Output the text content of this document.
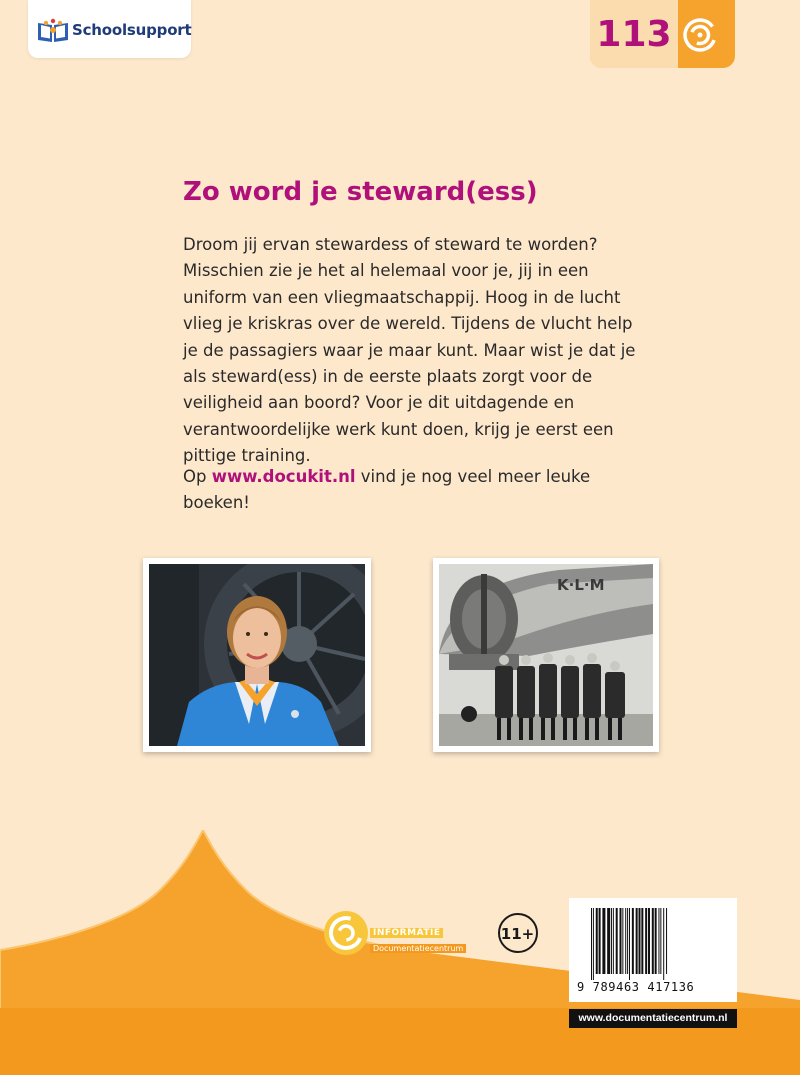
Schoolsupport	113
Zo word je steward(ess)

Droom jij ervan stewardess of steward te worden? Misschien zie je het al helemaal voor je, jij in een uniform van een vliegmaatschappij. Hoog in de lucht vlieg je kriskras over de wereld. Tijdens de vlucht help je de passagiers waar je maar kunt. Maar wist je dat je als steward(ess) in de eerste plaats zorgt voor de veiligheid aan boord? Voor je dit uitdagende en verantwoordelijke werk kunt doen, krijg je eerst een pittige training.

Op www.docukit.nl vind je nog veel meer leuke boeken!

K·L·M
INFORMATIE
Documentatiecentrum
11+
9 789463 417136
www.documentatiecentrum.nl
